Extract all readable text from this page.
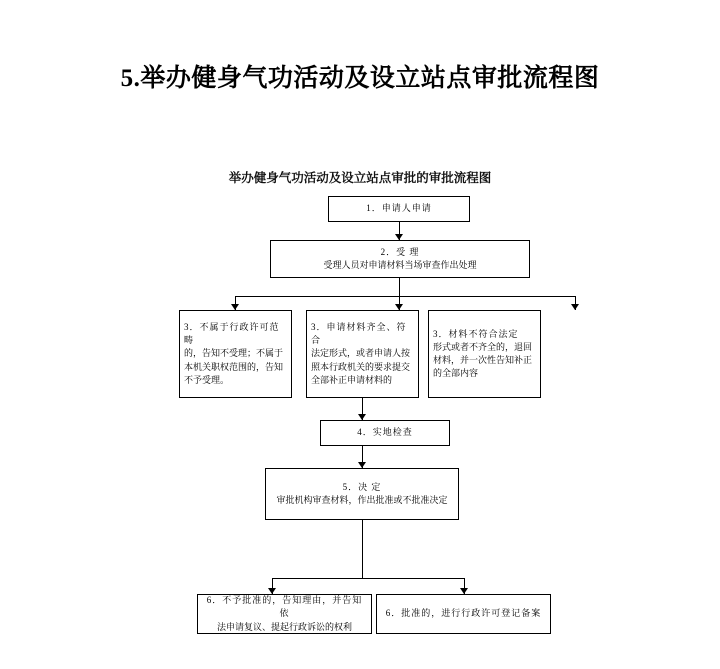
5.举办健身气功活动及设立站点审批流程图
举办健身气功活动及设立站点审批的审批流程图
1．申请人申请
2．受 理
受理人员对申请材料当场审查作出处理
3．不属于行政许可范畴
的，告知不受理；不属于本机关职权范围的，告知不予受理。
3．申请材料齐全、符合
法定形式，或者申请人按照本行政机关的要求提交全部补正申请材料的
3．材料不符合法定
形式或者不齐全的，退回材料，并一次性告知补正的全部内容
4．实地检查
5．决 定
审批机构审查材料，作出批准或不批准决定
6．不予批准的，告知理由，并告知依
法申请复议、提起行政诉讼的权利
6．批准的，进行行政许可登记备案
